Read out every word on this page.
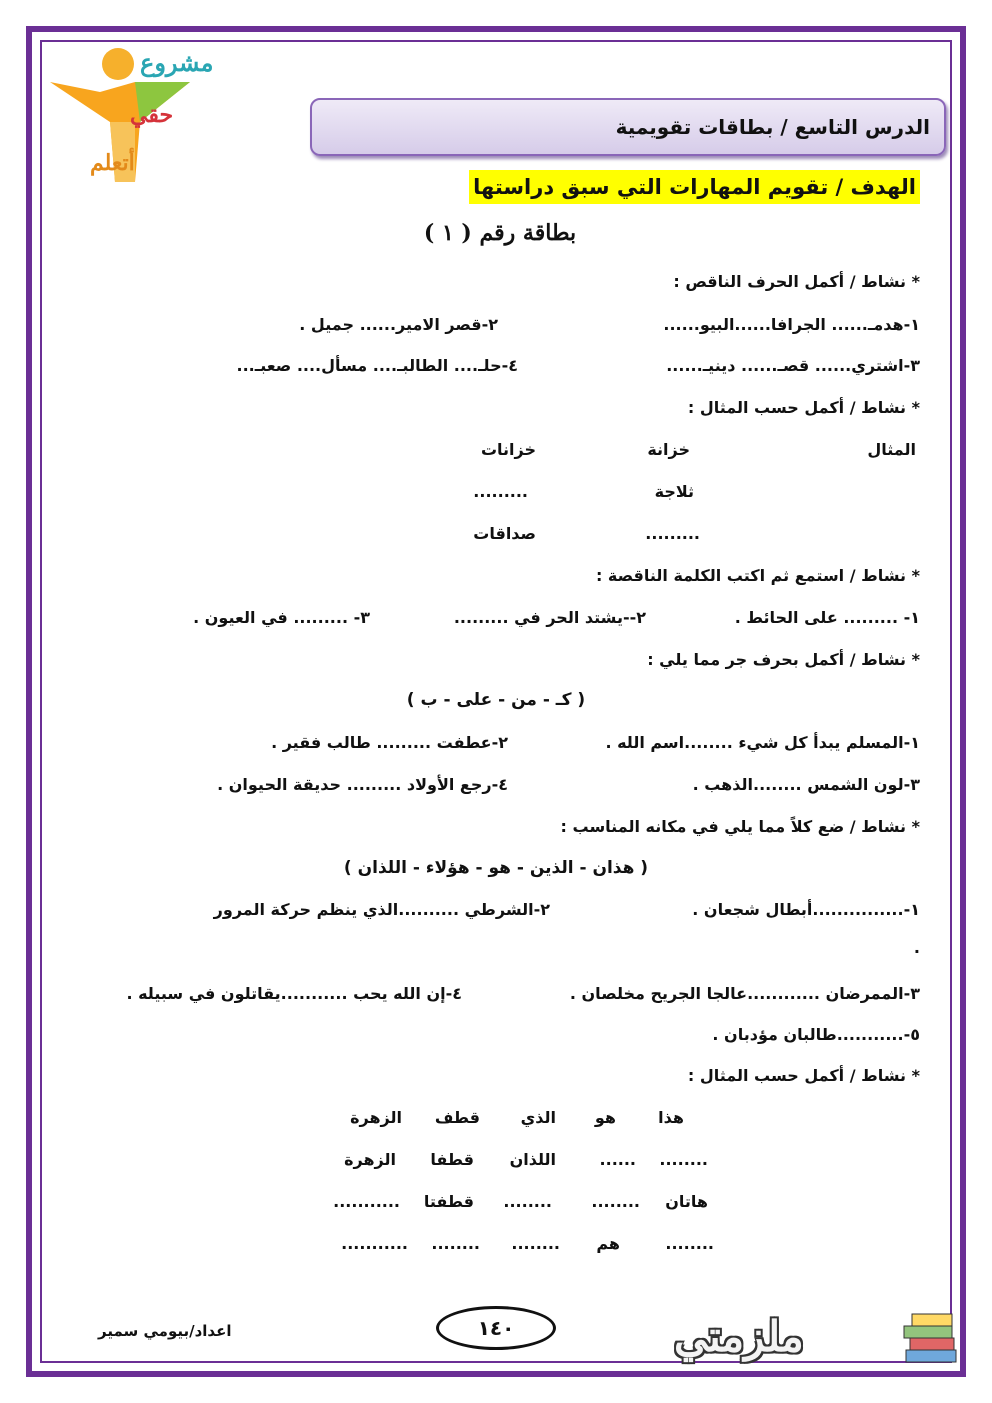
مشروع
حقي
أتعلم
الدرس التاسع / بطاقات تقويمية
الهدف / تقويم المهارات التي سبق دراستها
بطاقة رقم ( ١ )
* نشاط / أكمل الحرف الناقص :
١-هدمـ...... الجرافا......البيو......
٢-قصر الامير...... جميل .
٣-اشتري...... قصـ...... دينيـ......
٤-حلـ.... الطالبـ.... مسأل.... صعبـ...
* نشاط / أكمل حسب المثال :
المثال
خزانة
خزانات
ثلاجة
.........
.........
صداقات
* نشاط / استمع ثم اكتب الكلمة الناقصة :
١- ......... على الحائط .
٢--يشتد الحر في .........
٣- ......... في العيون .
* نشاط / أكمل بحرف جر مما يلي :
( كـ - من - على - ب )
١-المسلم يبدأ كل شيء ........اسم الله .
٢-عطفت ......... طالب فقير .
٣-لون الشمس ........الذهب .
٤-رجع الأولاد ......... حديقة الحيوان .
* نشاط / ضع كلاً مما يلي في مكانه المناسب :
( هذان - الذين - هو - هؤلاء - اللذان )
١-...............أبطال شجعان .
٢-الشرطي ..........الذي ينظم حركة المرور
.
٣-الممرضان ............عالجا الجريح مخلصان .
٤-إن الله يحب ...........يقاتلون في سبيله .
٥-...........طالبان مؤدبان .
* نشاط / أكمل حسب المثال :
هذا
هو
الذي
قطف
الزهرة
........
......
اللذان
قطفا
الزهرة
هاتان
........
........
قطفتا
...........
........
هم
........
........
...........
١٤٠
اعداد/بيومي سمير	ملزمتي
